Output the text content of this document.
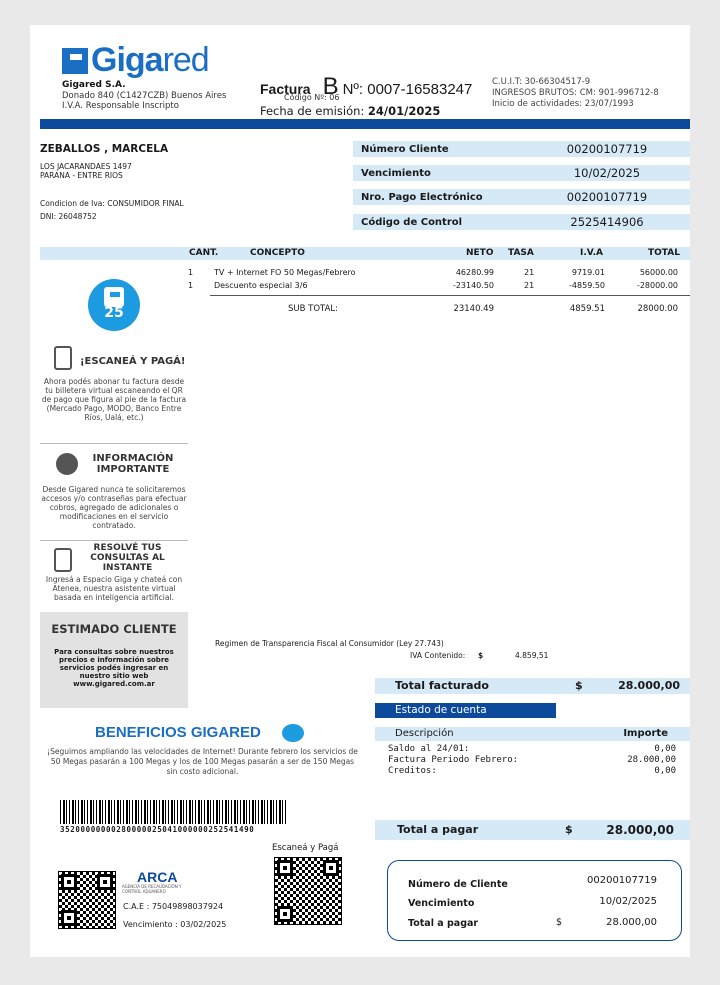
Giga red
Gigared S.A.
Donado 840 (C1427CZB) Buenos Aires
I.V.A. Responsable Inscripto
Factura B Nº: 0007-16583247
Código Nº: 06
Fecha de emisión: 24/01/2025
C.U.I.T: 30-66304517-9
INGRESOS BRUTOS: CM: 901-996712-8
Inicio de actividades: 23/07/1993
ZEBALLOS , MARCELA
LOS JACARANDAES 1497
PARANA - ENTRE RIOS
Condicion de Iva: CONSUMIDOR FINAL
DNI: 26048752
Número Cliente	00200107719
Vencimiento	10/02/2025
Nro. Pago Electrónico	00200107719
Código de Control	2525414906
CANT.	CONCEPTO	NETO TASA	I.V.A	TOTAL
1	TV + Internet FO 50 Megas/Febrero	46280.99	21	9719.01	56000.00
1	Descuento especial 3/6	-23140.50	21	-4859.50	-28000.00
SUB TOTAL:	23140.49	4859.51	28000.00
25
¡ESCANEÁ Y PAGÁ!
Ahora podés abonar tu factura desde tu billetera virtual escaneando el QR de pago que figura al pie de la factura (Mercado Pago, MODO, Banco Entre Ríos, Ualá, etc.)
INFORMACIÓN IMPORTANTE
Desde Gigared nunca te solicitaremos accesos y/o contraseñas para efectuar cobros, agregado de adicionales o modificaciones en el servicio contratado.
RESOLVÉ TUS CONSULTAS AL INSTANTE
Ingresá a Espacio Giga y chateá con Atenea, nuestra asistente virtual basada en inteligencia artificial.
ESTIMADO CLIENTE
Para consultas sobre nuestros precios e información sobre servicios podés ingresar en nuestro sitio web www.gigared.com.ar
Regimen de Transparencia Fiscal al Consumidor (Ley 27.743)
IVA Contenido: $	4.859,51
Total facturado	$	28.000,00
Estado de cuenta
Descripción	Importe
Saldo al 24/01:	0,00
Factura Periodo Febrero:	28.000,00
Creditos:	0,00
BENEFICIOS GIGARED
¡Seguimos ampliando las velocidades de Internet! Durante febrero los servicios de 50 Megas pasarán a 100 Megas y los de 100 Megas pasarán a ser de 150 Megas sin costo adicional.
35200000000280000025041000000252541490	Total a pagar	$	28.000,00
Escaneá y Pagá
ARCA
AGENCIA DE RECAUDACIÓN Y CONTROL ADUANERO
C.A.E : 75049898037924
Vencimiento : 03/02/2025
Número de Cliente	00200107719
Vencimiento	10/02/2025
Total a pagar	$	28.000,00
